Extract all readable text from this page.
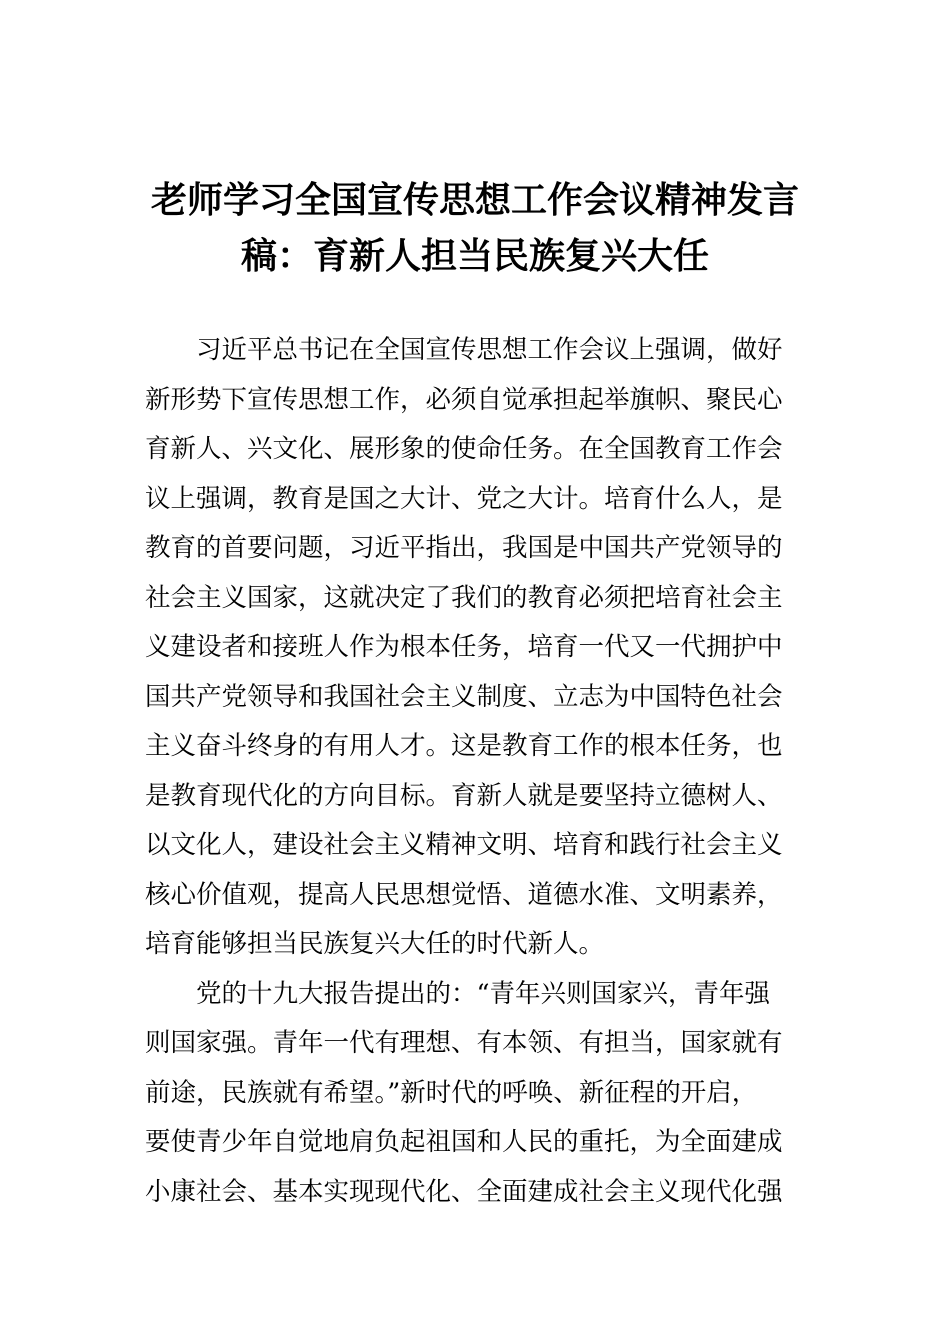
老师学习全国宣传思想工作会议精神发言
稿：育新人担当民族复兴大任

习近平总书记在全国宣传思想工作会议上强调，做好
新形势下宣传思想工作，必须自觉承担起举旗帜、聚民心
育新人、兴文化、展形象的使命任务。在全国教育工作会
议上强调，教育是国之大计、党之大计。培育什么人，是
教育的首要问题，习近平指出，我国是中国共产党领导的
社会主义国家，这就决定了我们的教育必须把培育社会主
义建设者和接班人作为根本任务，培育一代又一代拥护中
国共产党领导和我国社会主义制度、立志为中国特色社会
主义奋斗终身的有用人才。这是教育工作的根本任务，也
是教育现代化的方向目标。育新人就是要坚持立德树人、
以文化人，建设社会主义精神文明、培育和践行社会主义
核心价值观，提高人民思想觉悟、道德水准、文明素养，
培育能够担当民族复兴大任的时代新人。

党的十九大报告提出的：“青年兴则国家兴，青年强
则国家强。青年一代有理想、有本领、有担当，国家就有
前途，民族就有希望。”新时代的呼唤、新征程的开启，
要使青少年自觉地肩负起祖国和人民的重托，为全面建成
小康社会、基本实现现代化、全面建成社会主义现代化强
